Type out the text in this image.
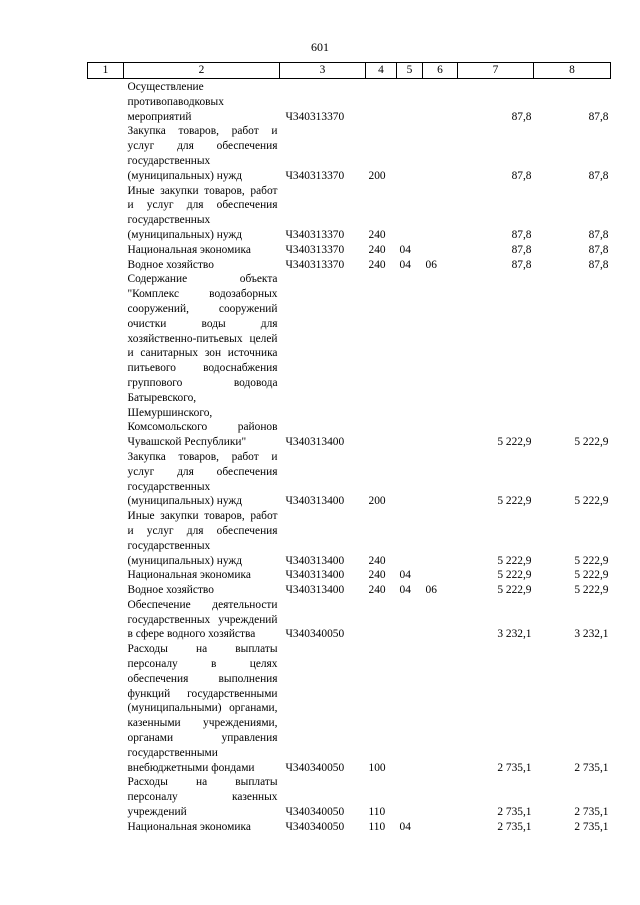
601
1	2	3	4	5	6	7	8
	Осуществление противопаводковых мероприятий	Ч340313370				87,8	87,8
	Закупка товаров, работ и услуг для обеспечения государственных (муниципальных) нужд	Ч340313370	200			87,8	87,8
	Иные закупки товаров, работ и услуг для обеспечения государственных (муниципальных) нужд	Ч340313370	240			87,8	87,8
	Национальная экономика	Ч340313370	240	04		87,8	87,8
	Водное хозяйство	Ч340313370	240	04	06	87,8	87,8
	Содержание объекта "Комплекс водозаборных сооружений, сооружений очистки воды для хозяйственно-питьевых целей и санитарных зон источника питьевого водоснабжения группового водовода Батыревского, Шемуршинского, Комсомольского районов Чувашской Республики"	Ч340313400				5 222,9	5 222,9
	Закупка товаров, работ и услуг для обеспечения государственных (муниципальных) нужд	Ч340313400	200			5 222,9	5 222,9
	Иные закупки товаров, работ и услуг для обеспечения государственных (муниципальных) нужд	Ч340313400	240			5 222,9	5 222,9
	Национальная экономика	Ч340313400	240	04		5 222,9	5 222,9
	Водное хозяйство	Ч340313400	240	04	06	5 222,9	5 222,9
	Обеспечение деятельности государственных учреждений в сфере водного хозяйства	Ч340340050				3 232,1	3 232,1
	Расходы на выплаты персоналу в целях обеспечения выполнения функций государственными (муниципальными) органами, казенными учреждениями, органами управления государственными внебюджетными фондами	Ч340340050	100			2 735,1	2 735,1
	Расходы на выплаты персоналу казенных учреждений	Ч340340050	110			2 735,1	2 735,1
	Национальная экономика	Ч340340050	110	04		2 735,1	2 735,1
